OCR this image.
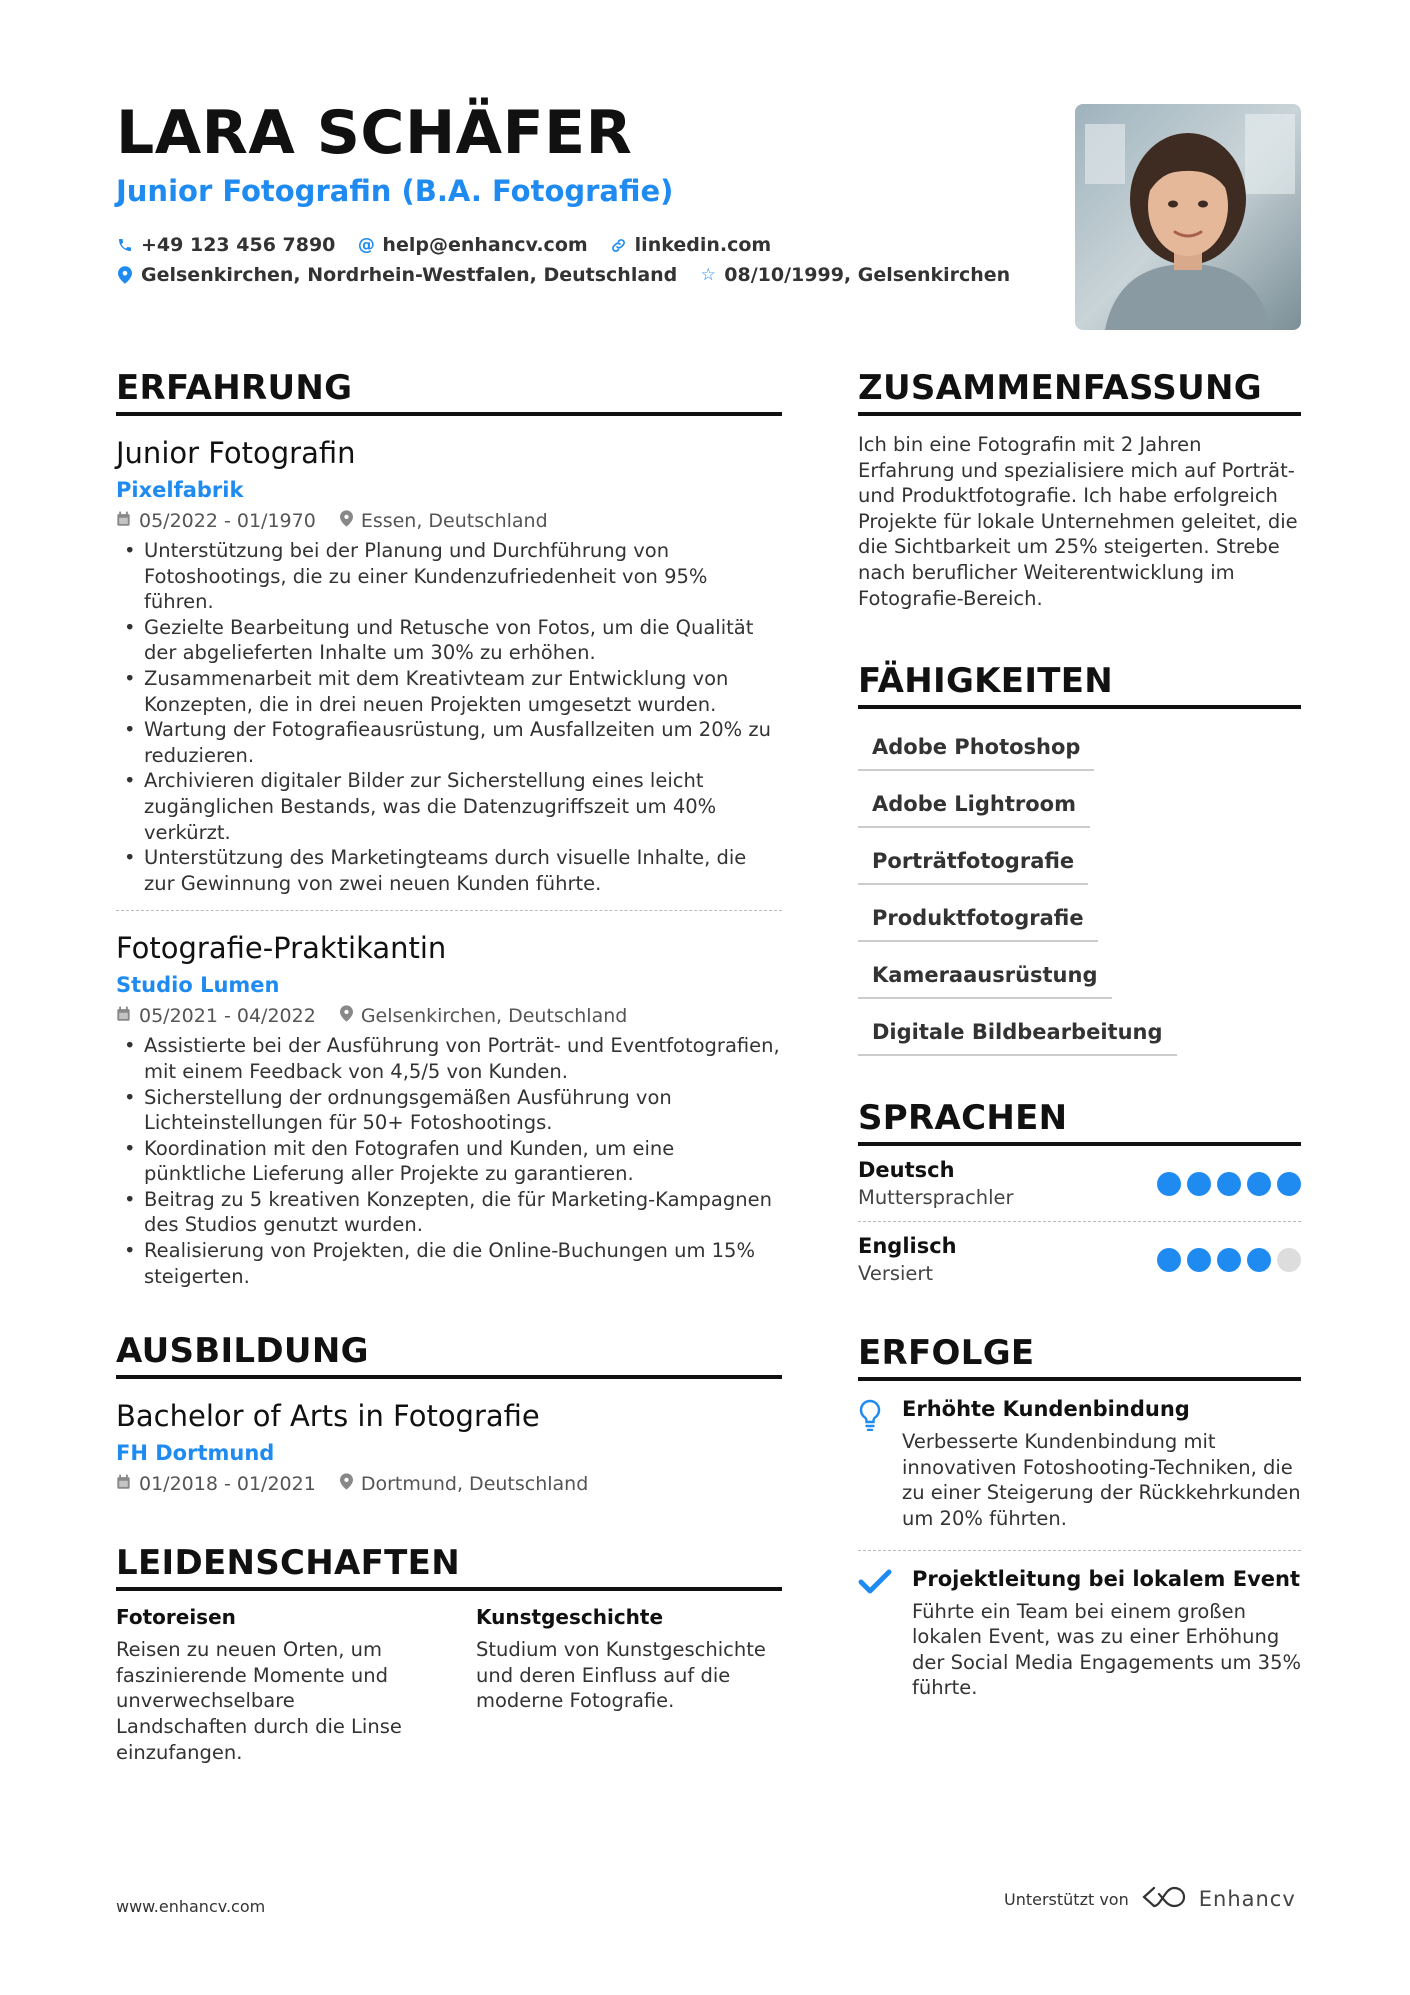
LARA SCHÄFER
Junior Fotografin (B.A. Fotografie)
+49 123 456 7890 @ help@enhancv.com linkedin.com
Gelsenkirchen, Nordrhein-Westfalen, Deutschland ☆ 08/10/1999, Gelsenkirchen
ERFAHRUNG
Junior Fotografin
Pixelfabrik
05/2022 - 01/1970 Essen, Deutschland
• Unterstützung bei der Planung und Durchführung von Fotoshootings, die zu einer Kundenzufriedenheit von 95% führen.
• Gezielte Bearbeitung und Retusche von Fotos, um die Qualität der abgelieferten Inhalte um 30% zu erhöhen.
• Zusammenarbeit mit dem Kreativteam zur Entwicklung von Konzepten, die in drei neuen Projekten umgesetzt wurden.
• Wartung der Fotografieausrüstung, um Ausfallzeiten um 20% zu reduzieren.
• Archivieren digitaler Bilder zur Sicherstellung eines leicht zugänglichen Bestands, was die Datenzugriffszeit um 40% verkürzt.
• Unterstützung des Marketingteams durch visuelle Inhalte, die zur Gewinnung von zwei neuen Kunden führte.
Fotografie-Praktikantin
Studio Lumen
05/2021 - 04/2022 Gelsenkirchen, Deutschland
• Assistierte bei der Ausführung von Porträt- und Eventfotografien, mit einem Feedback von 4,5/5 von Kunden.
• Sicherstellung der ordnungsgemäßen Ausführung von Lichteinstellungen für 50+ Fotoshootings.
• Koordination mit den Fotografen und Kunden, um eine pünktliche Lieferung aller Projekte zu garantieren.
• Beitrag zu 5 kreativen Konzepten, die für Marketing-Kampagnen des Studios genutzt wurden.
• Realisierung von Projekten, die die Online-Buchungen um 15% steigerten.
AUSBILDUNG
Bachelor of Arts in Fotografie
FH Dortmund
01/2018 - 01/2021 Dortmund, Deutschland
LEIDENSCHAFTEN
Fotoreisen
Reisen zu neuen Orten, um faszinierende Momente und unverwechselbare Landschaften durch die Linse einzufangen.
Kunstgeschichte
Studium von Kunstgeschichte und deren Einfluss auf die moderne Fotografie.
ZUSAMMENFASSUNG
Ich bin eine Fotografin mit 2 Jahren Erfahrung und spezialisiere mich auf Porträt- und Produktfotografie. Ich habe erfolgreich Projekte für lokale Unternehmen geleitet, die die Sichtbarkeit um 25% steigerten. Strebe nach beruflicher Weiterentwicklung im Fotografie-Bereich.
FÄHIGKEITEN
Adobe Photoshop
Adobe Lightroom
Porträtfotografie
Produktfotografie
Kameraausrüstung
Digitale Bildbearbeitung
SPRACHEN
Deutsch
Muttersprachler
Englisch
Versiert
ERFOLGE
Erhöhte Kundenbindung
Verbesserte Kundenbindung mit innovativen Fotoshooting-Techniken, die zu einer Steigerung der Rückkehrkunden um 20% führten.
Projektleitung bei lokalem Event
Führte ein Team bei einem großen lokalen Event, was zu einer Erhöhung der Social Media Engagements um 35% führte.
www.enhancv.com	Unterstützt von	Enhancv
